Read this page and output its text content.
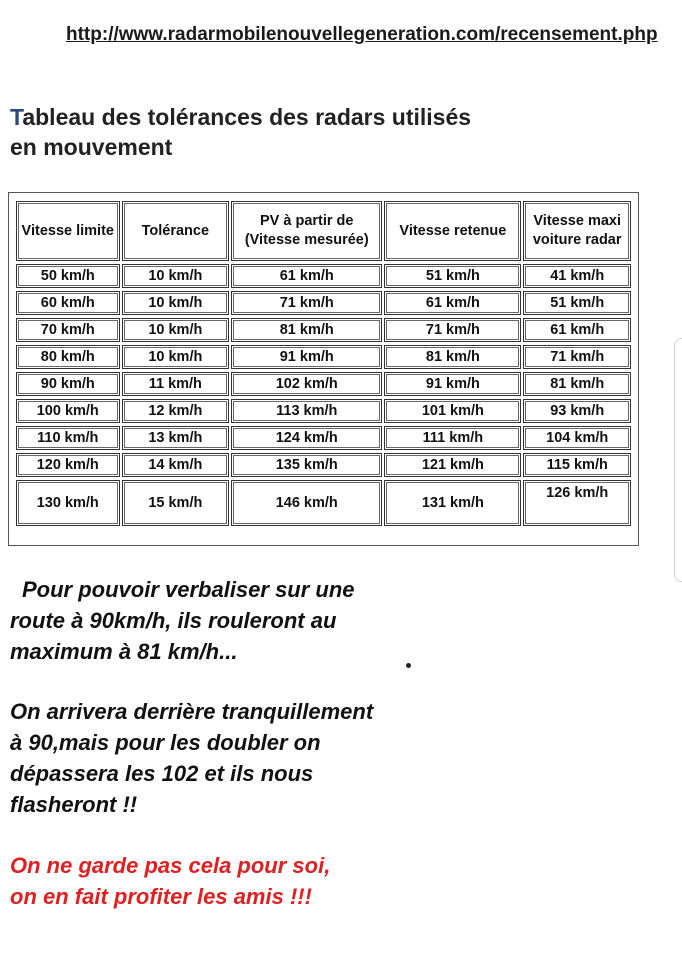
http://www.radarmobilenouvellegeneration.com/recensement.php
Tableau des tolérances des radars utilisés en mouvement
Vitesse limite	Tolérance	PV à partir de (Vitesse mesurée)	Vitesse retenue	Vitesse maxi voiture radar
50 km/h	10 km/h	61 km/h	51 km/h	41 km/h
60 km/h	10 km/h	71 km/h	61 km/h	51 km/h
70 km/h	10 km/h	81 km/h	71 km/h	61 km/h
80 km/h	10 km/h	91 km/h	81 km/h	71 km/h
90 km/h	11 km/h	102 km/h	91 km/h	81 km/h
100 km/h	12 km/h	113 km/h	101 km/h	93 km/h
110 km/h	13 km/h	124 km/h	111 km/h	104 km/h
120 km/h	14 km/h	135 km/h	121 km/h	115 km/h
130 km/h	15 km/h	146 km/h	131 km/h	126 km/h
Pour pouvoir verbaliser sur une
route à 90km/h, ils rouleront au
maximum à 81 km/h...
On arrivera derrière tranquillement
à 90,mais pour les doubler on
dépassera les 102 et ils nous
flasheront !!
On ne garde pas cela pour soi,
on en fait profiter les amis !!!
